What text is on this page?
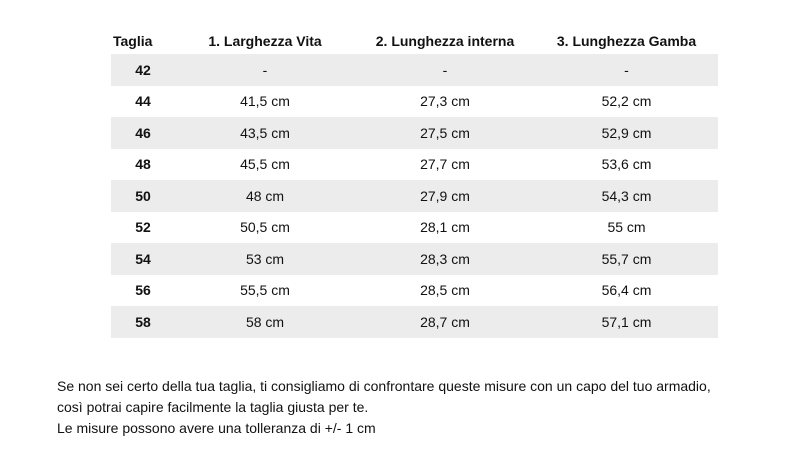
Taglia	1. Larghezza Vita	2. Lunghezza interna	3. Lunghezza Gamba
42	-	-	-
44	41,5 cm	27,3 cm	52,2 cm
46	43,5 cm	27,5 cm	52,9 cm
48	45,5 cm	27,7 cm	53,6 cm
50	48 cm	27,9 cm	54,3 cm
52	50,5 cm	28,1 cm	55 cm
54	53 cm	28,3 cm	55,7 cm
56	55,5 cm	28,5 cm	56,4 cm
58	58 cm	28,7 cm	57,1 cm

Se non sei certo della tua taglia, ti consigliamo di confrontare queste misure con un capo del tuo armadio,

così potrai capire facilmente la taglia giusta per te.

Le misure possono avere una tolleranza di +/- 1 cm
